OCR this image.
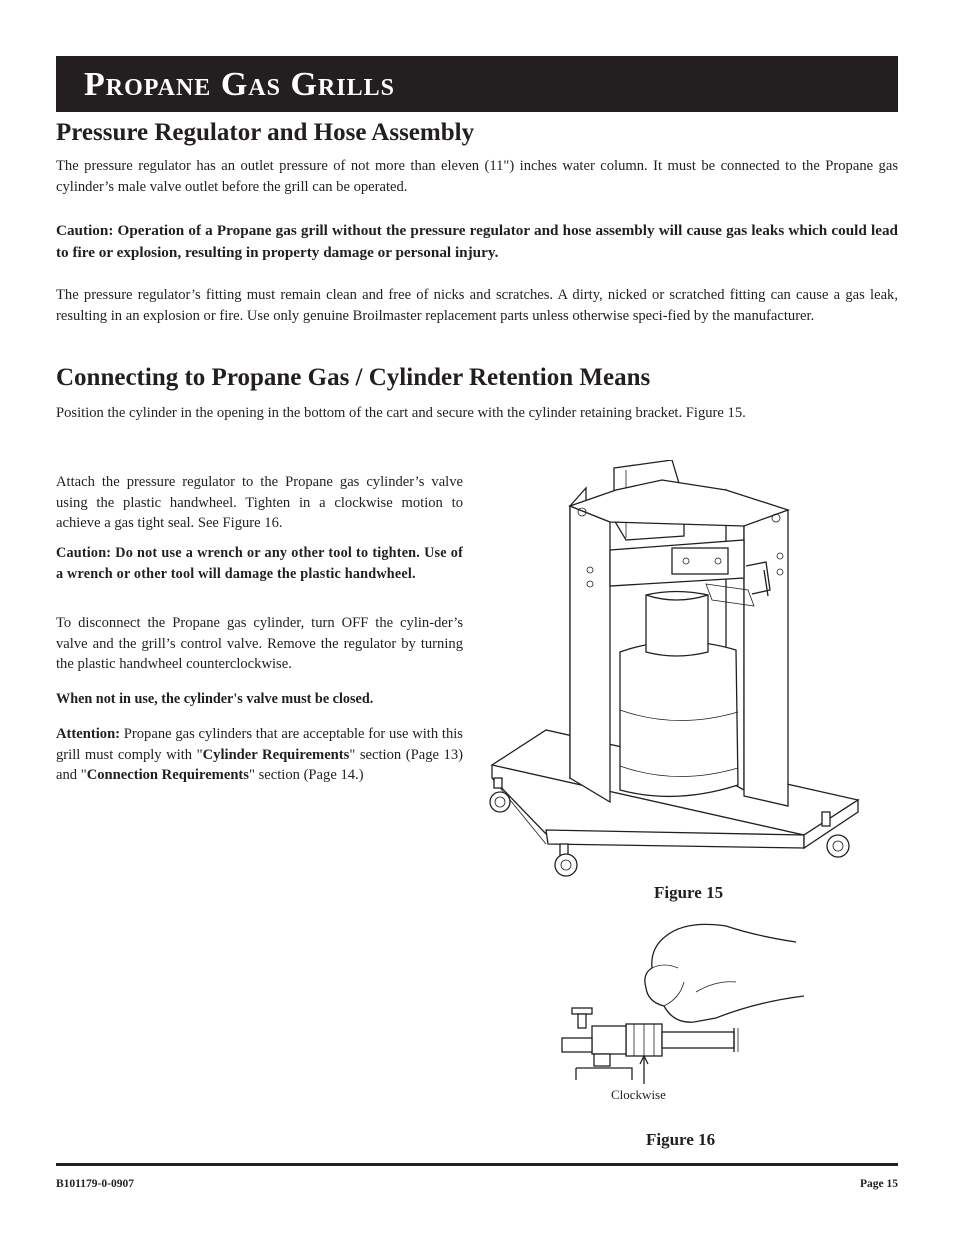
Propane Gas Grills
Pressure Regulator and Hose Assembly

The pressure regulator has an outlet pressure of not more than eleven (11") inches water column. It must be connected to the Propane gas cylinder’s male valve outlet before the grill can be operated.

Caution: Operation of a Propane gas grill without the pressure regulator and hose assembly will cause gas leaks which could lead to fire or explosion, resulting in property damage or personal injury.

The pressure regulator’s fitting must remain clean and free of nicks and scratches. A dirty, nicked or scratched fitting can cause a gas leak, resulting in an explosion or fire. Use only genuine Broilmaster replacement parts unless otherwise speci-fied by the manufacturer.

Connecting to Propane Gas / Cylinder Retention Means

Position the cylinder in the opening in the bottom of the cart and secure with the cylinder retaining bracket. Figure 15.

Attach the pressure regulator to the Propane gas cylinder’s valve using the plastic handwheel. Tighten in a clockwise motion to achieve a gas tight seal. See Figure 16.

Caution: Do not use a wrench or any other tool to tighten. Use of a wrench or other tool will damage the plastic handwheel.

To disconnect the Propane gas cylinder, turn OFF the cylin-der’s valve and the grill’s control valve. Remove the regulator by turning the plastic handwheel counterclockwise.

When not in use, the cylinder's valve must be closed.

Attention: Propane gas cylinders that are acceptable for use with this grill must comply with "Cylinder Requirements" section (Page 13) and "Connection Requirements" section (Page 14.)

Figure 15
Clockwise
Figure 16
B101179-0-0907	Page 15
